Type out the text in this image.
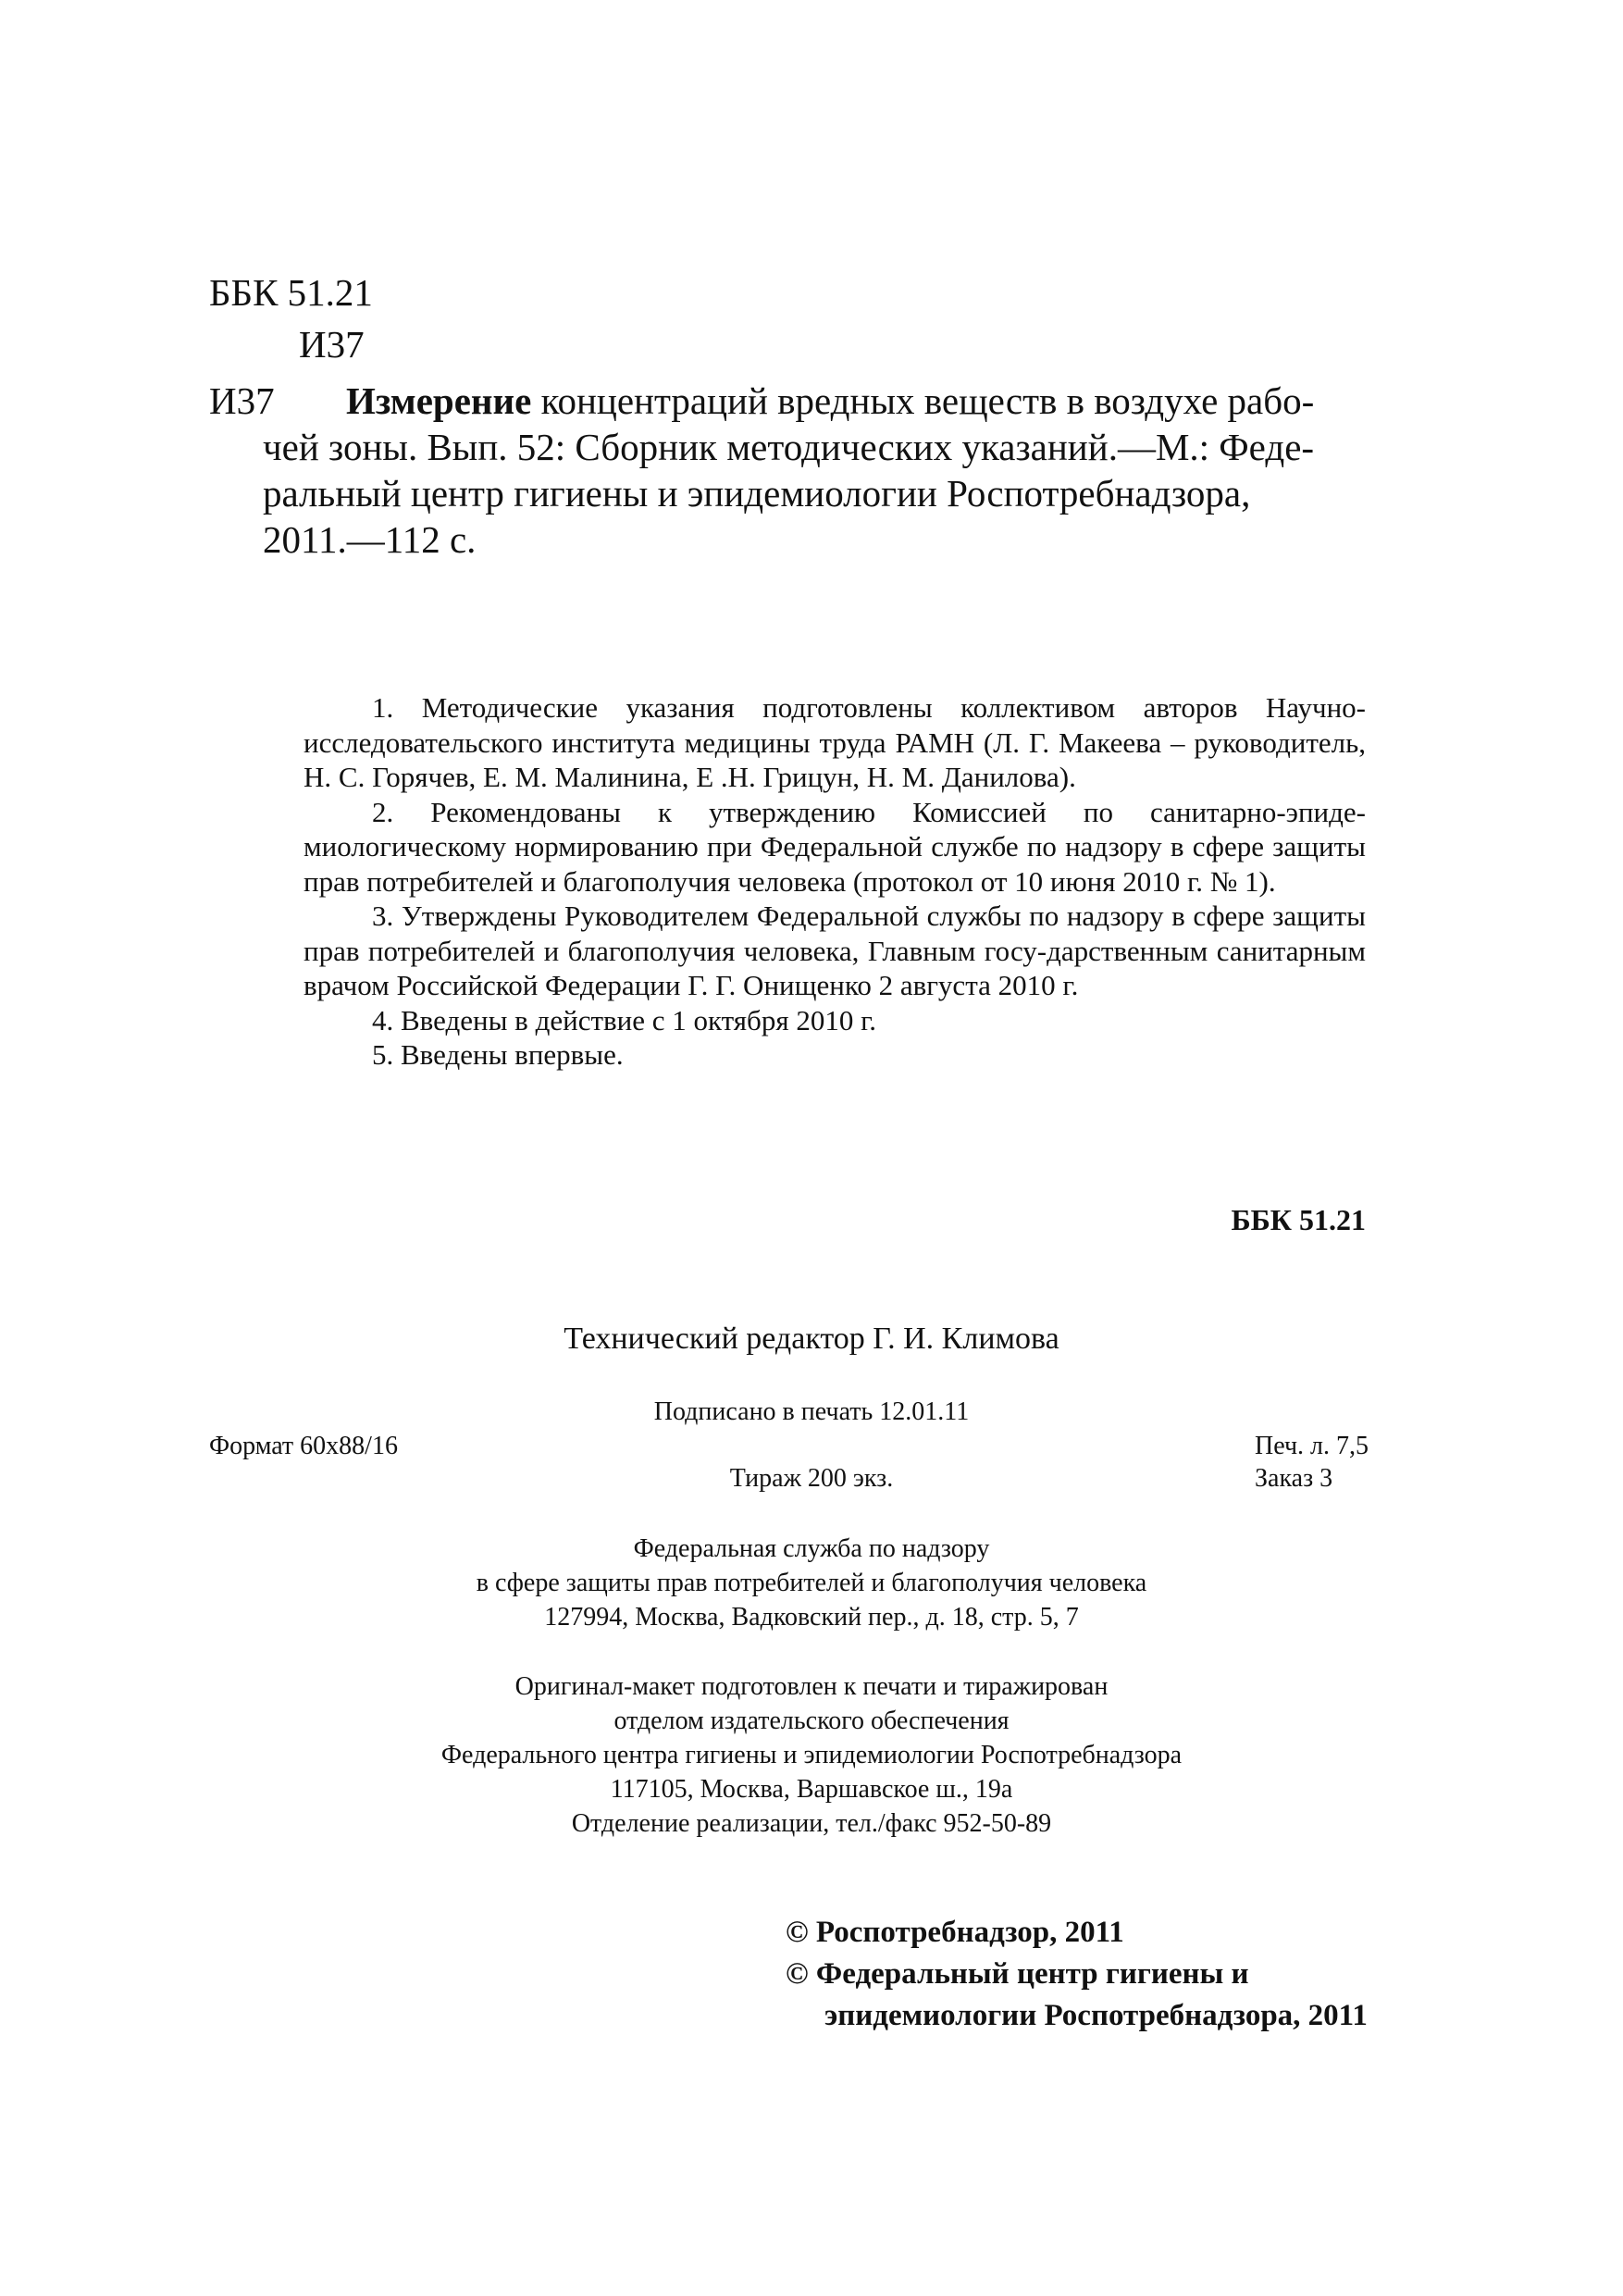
ББК 51.21
И37
И37	Измерение концентраций вредных веществ в воздухе рабо-
чей зоны. Вып. 52: Сборник методических указаний.—М.: Феде-
ральный центр гигиены и эпидемиологии Роспотребнадзора,
2011.—112 с.

1. Методические указания подготовлены коллективом авторов Научно-исследовательского института медицины труда РАМН (Л. Г. Макеева – руководитель, Н. С. Горячев, Е. М. Малинина, Е .Н. Грицун, Н. М. Данилова).

2. Рекомендованы к утверждению Комиссией по санитарно-эпиде-миологическому нормированию при Федеральной службе по надзору в сфере защиты прав потребителей и благополучия человека (протокол от 10 июня 2010 г. № 1).

3. Утверждены Руководителем Федеральной службы по надзору в сфере защиты прав потребителей и благополучия человека, Главным госу-дарственным санитарным врачом Российской Федерации Г. Г. Онищенко 2 августа 2010 г.

4. Введены в действие с 1 октября 2010 г.

5. Введены впервые.

ББК 51.21
Технический редактор Г. И. Климова
Подписано в печать 12.01.11
Формат 60х88/16	Печ. л. 7,5
Тираж 200 экз.	Заказ 3
Федеральная служба по надзору
в сфере защиты прав потребителей и благополучия человека
127994, Москва, Вадковский пер., д. 18, стр. 5, 7
Оригинал-макет подготовлен к печати и тиражирован
отделом издательского обеспечения
Федерального центра гигиены и эпидемиологии Роспотребнадзора
117105, Москва, Варшавское ш., 19а
Отделение реализации, тел./факс 952-50-89
© Роспотребнадзор, 2011
© Федеральный центр гигиены и
эпидемиологии Роспотребнадзора, 2011
